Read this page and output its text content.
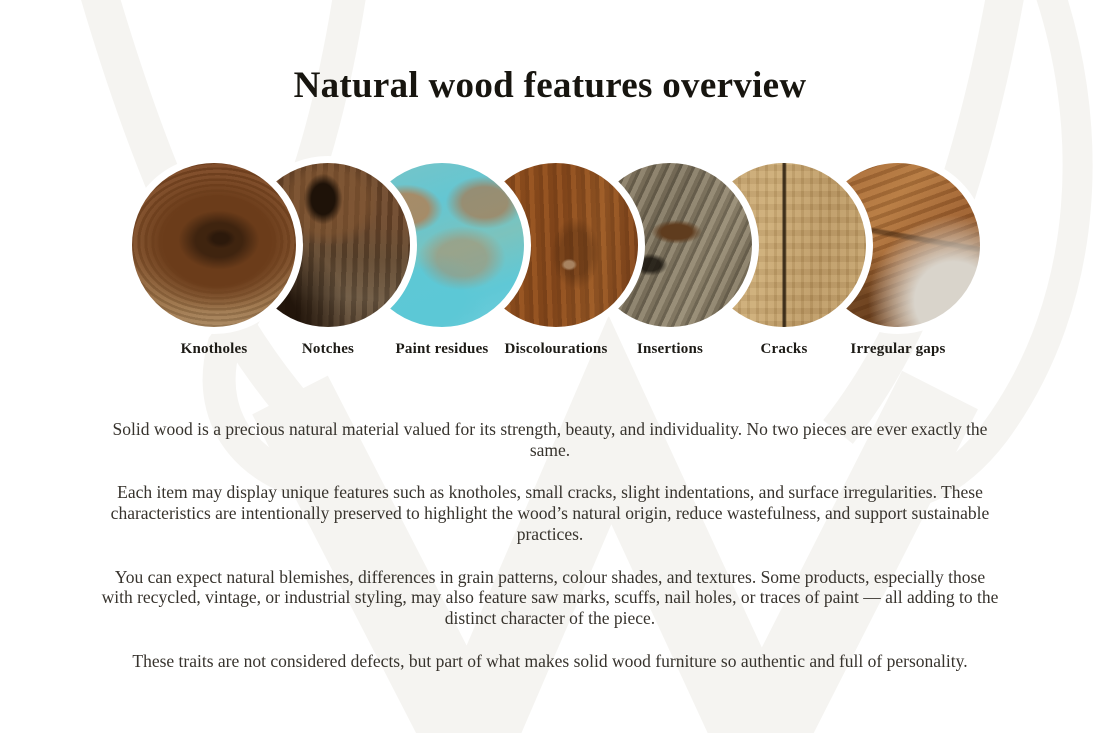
Natural wood features overview
Knotholes	Notches	Paint residues	Discolourations	Insertions	Cracks	Irregular gaps

Solid wood is a precious natural material valued for its strength, beauty, and individuality. No two pieces are ever exactly the same.

Each item may display unique features such as knotholes, small cracks, slight indentations, and surface irregularities. These characteristics are intentionally preserved to highlight the wood’s natural origin, reduce wastefulness, and support sustainable practices.

You can expect natural blemishes, differences in grain patterns, colour shades, and textures. Some products, especially those with recycled, vintage, or industrial styling, may also feature saw marks, scuffs, nail holes, or traces of paint — all adding to the distinct character of the piece.

These traits are not considered defects, but part of what makes solid wood furniture so authentic and full of personality.
